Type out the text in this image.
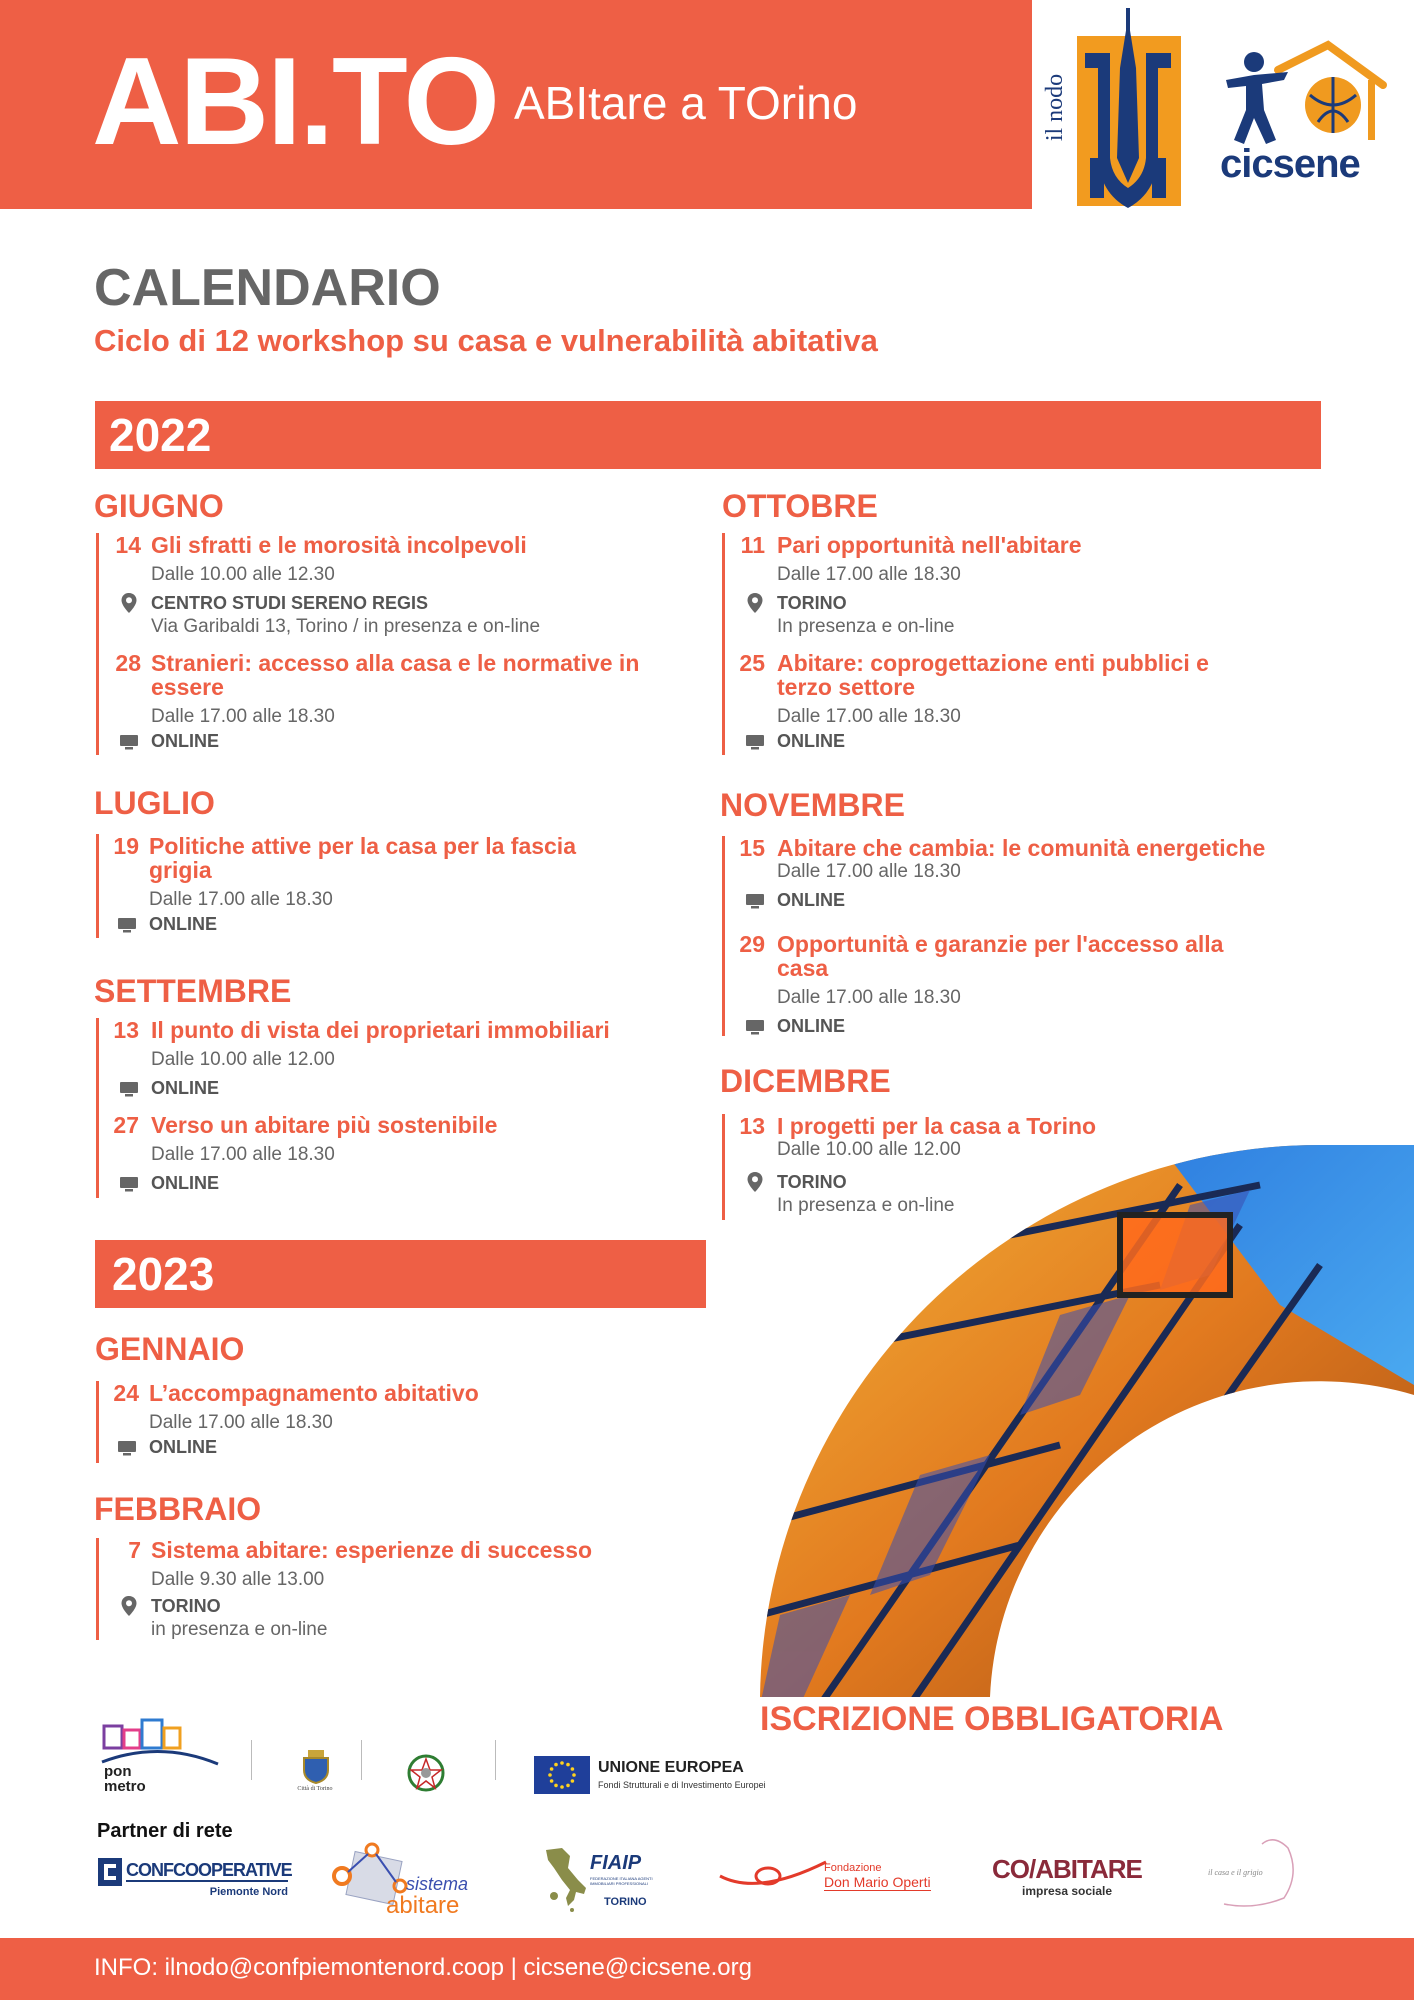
ABI.TO ABItare a TOrino	il nodo
cicsene
CALENDARIO
Ciclo di 12 workshop su casa e vulnerabilità abitativa
2022
GIUGNO
14 Gli sfratti e le morosità incolpevoli
Dalle 10.00 alle 12.30
CENTRO STUDI SERENO REGIS
Via Garibaldi 13, Torino / in presenza e on-line
28 Stranieri: accesso alla casa e le normative in essere
Dalle 17.00 alle 18.30
ONLINE
LUGLIO
19 Politiche attive per la casa per la fascia grigia
Dalle 17.00 alle 18.30
ONLINE
SETTEMBRE
13 Il punto di vista dei proprietari immobiliari
Dalle 10.00 alle 12.00
ONLINE
27 Verso un abitare più sostenibile
Dalle 17.00 alle 18.30
ONLINE
OTTOBRE
11 Pari opportunità nell'abitare
Dalle 17.00 alle 18.30
TORINO
In presenza e on-line
25 Abitare: coprogettazione enti pubblici e terzo settore
Dalle 17.00 alle 18.30
ONLINE
NOVEMBRE
15 Abitare che cambia: le comunità energetiche
Dalle 17.00 alle 18.30
ONLINE
29 Opportunità e garanzie per l'accesso alla casa
Dalle 17.00 alle 18.30
ONLINE
DICEMBRE
13 I progetti per la casa a Torino
Dalle 10.00 alle 12.00
TORINO
In presenza e on-line
2023
GENNAIO
24 L’accompagnamento abitativo
Dalle 17.00 alle 18.30
ONLINE
FEBBRAIO
7 Sistema abitare: esperienze di successo
Dalle 9.30 alle 13.00
TORINO
in presenza e on-line
ISCRIZIONE OBBLIGATORIA
pon metro	Città di Torino
UNIONE EUROPEA
Fondi Strutturali e di Investimento Europei
Partner di rete
CONFCOOPERATIVE
Piemonte Nord	sistema
abitare
FIAIP
FEDERAZIONE ITALIANA AGENTI IMMOBILIARI PROFESSIONALI
TORINO
Fondazione
Don Mario Operti CO/ABITARE
impresa sociale
il casa e il grigio
INFO: ilnodo@confpiemontenord.coop | cicsene@cicsene.org
